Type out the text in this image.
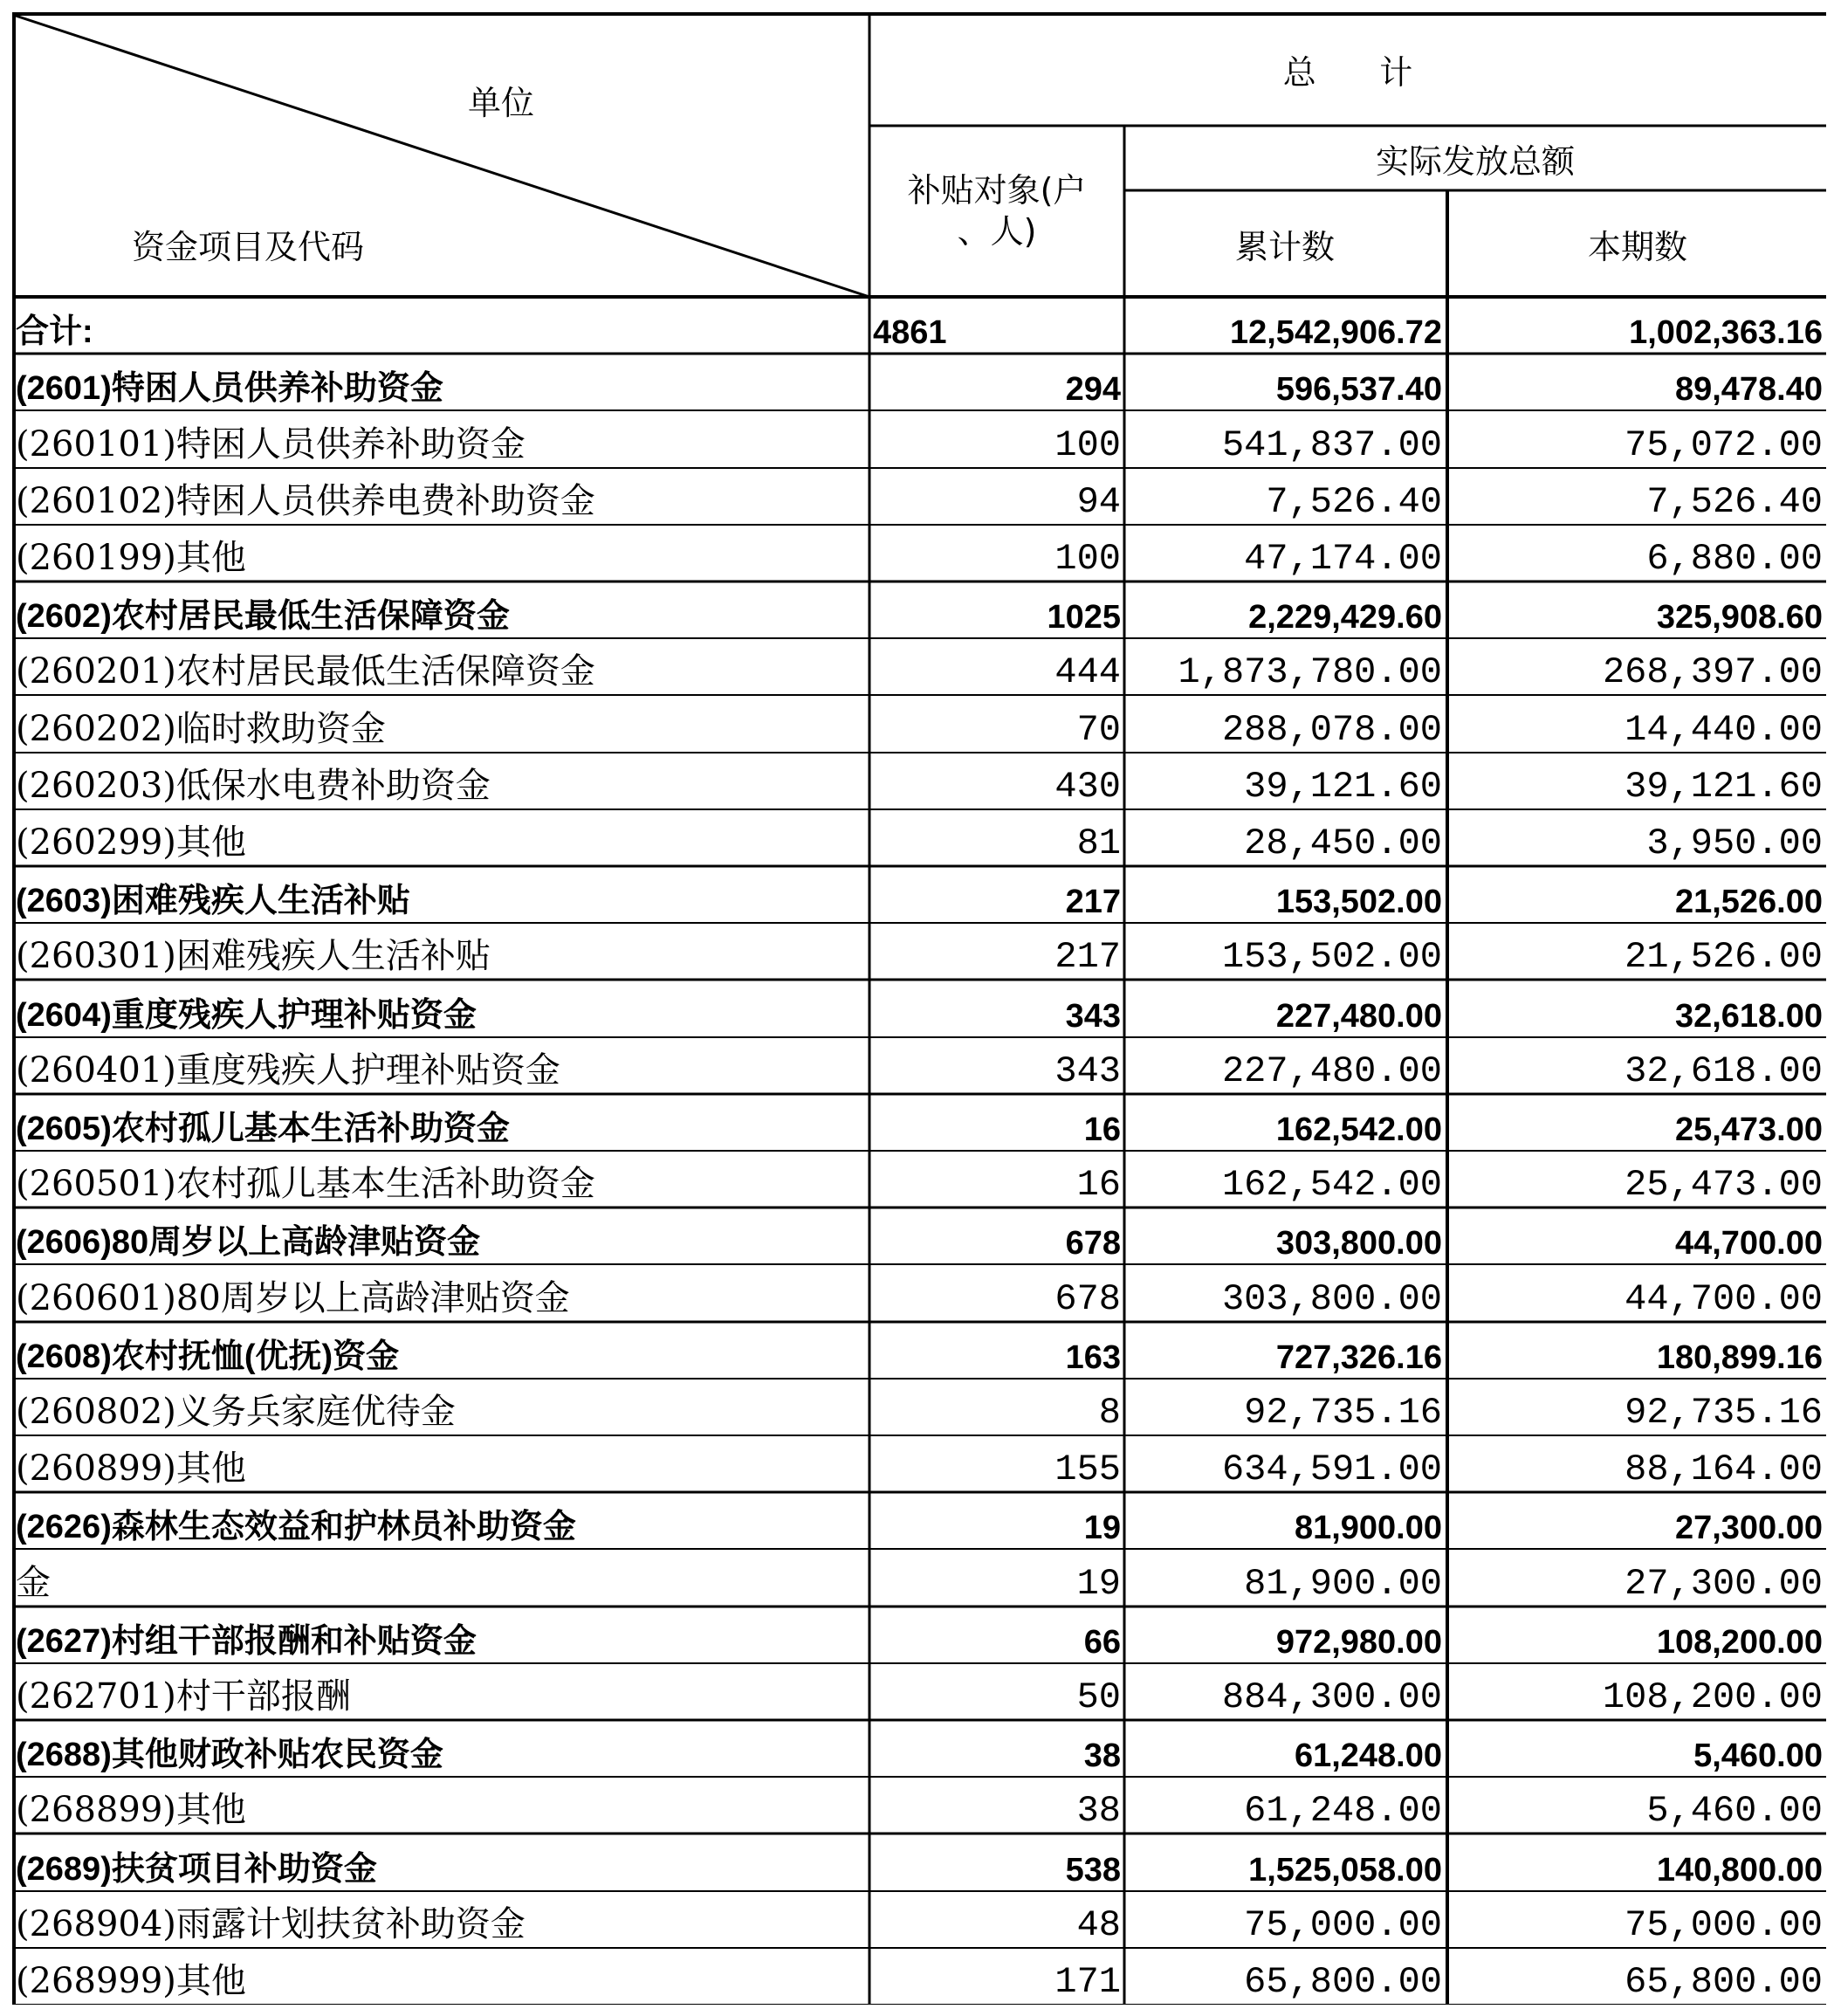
单位
资金项目及代码
总      计
补贴对象(户
、人)
实际发放总额
累计数	本期数
合计:	4861	12,542,906.72	1,002,363.16
(2601)特困人员供养补助资金	294	596,537.40	89,478.40
(260101)特困人员供养补助资金	100	541,837.00	75,072.00
(260102)特困人员供养电费补助资金	94	7,526.40	7,526.40
(260199)其他	100	47,174.00	6,880.00
(2602)农村居民最低生活保障资金	1025	2,229,429.60	325,908.60
(260201)农村居民最低生活保障资金	444	1,873,780.00	268,397.00
(260202)临时救助资金	70	288,078.00	14,440.00
(260203)低保水电费补助资金	430	39,121.60	39,121.60
(260299)其他	81	28,450.00	3,950.00
(2603)困难残疾人生活补贴	217	153,502.00	21,526.00
(260301)困难残疾人生活补贴	217	153,502.00	21,526.00
(2604)重度残疾人护理补贴资金	343	227,480.00	32,618.00
(260401)重度残疾人护理补贴资金	343	227,480.00	32,618.00
(2605)农村孤儿基本生活补助资金	16	162,542.00	25,473.00
(260501)农村孤儿基本生活补助资金	16	162,542.00	25,473.00
(2606)80周岁以上高龄津贴资金	678	303,800.00	44,700.00
(260601)80周岁以上高龄津贴资金	678	303,800.00	44,700.00
(2608)农村抚恤(优抚)资金	163	727,326.16	180,899.16
(260802)义务兵家庭优待金	8	92,735.16	92,735.16
(260899)其他	155	634,591.00	88,164.00
(2626)森林生态效益和护林员补助资金	19	81,900.00	27,300.00
金	19	81,900.00	27,300.00
(2627)村组干部报酬和补贴资金	66	972,980.00	108,200.00
(262701)村干部报酬	50	884,300.00	108,200.00
(2688)其他财政补贴农民资金	38	61,248.00	5,460.00
(268899)其他	38	61,248.00	5,460.00
(2689)扶贫项目补助资金	538	1,525,058.00	140,800.00
(268904)雨露计划扶贫补助资金	48	75,000.00	75,000.00
(268999)其他	171	65,800.00	65,800.00
